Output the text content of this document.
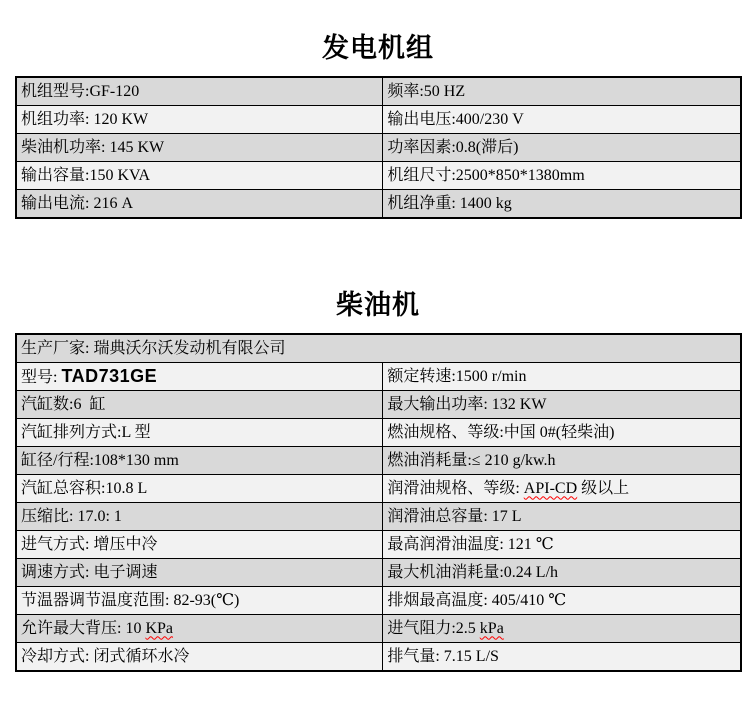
发电机组
机组型号:GF-120	频率:50 HZ
机组功率: 120 KW	输出电压:400/230 V
柴油机功率: 145 KW	功率因素:0.8(滞后)
输出容量:150 KVA	机组尺寸:2500*850*1380mm
输出电流: 216 A	机组净重: 1400 kg
柴油机
生产厂家: 瑞典沃尔沃发动机有限公司	
型号: TAD731GE	额定转速:1500 r/min
汽缸数:6  缸	最大输出功率: 132 KW
汽缸排列方式:L 型	燃油规格、等级:中国 0#(轻柴油)
缸径/行程:108*130 mm	燃油消耗量:≤ 210 g/kw.h
汽缸总容积:10.8 L	润滑油规格、等级: API-CD 级以上
压缩比: 17.0: 1	润滑油总容量: 17 L
进气方式: 增压中冷	最高润滑油温度: 121 ℃
调速方式: 电子调速	最大机油消耗量:0.24 L/h
节温器调节温度范围: 82-93(℃)	排烟最高温度: 405/410 ℃
允许最大背压: 10 KPa	进气阻力:2.5 kPa
冷却方式: 闭式循环水冷	排气量: 7.15 L/S
